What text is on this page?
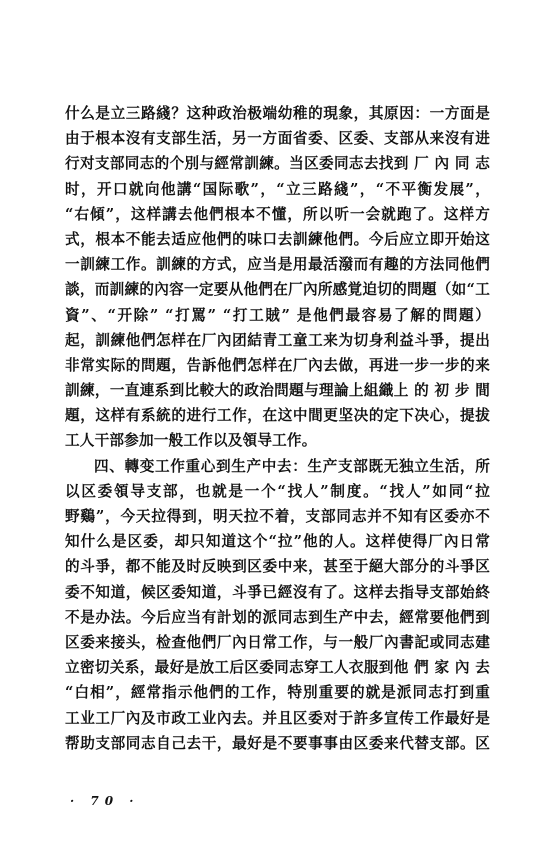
什么是立三路綫？这种政治极端幼稚的現象，其原因：一方面是
由于根本沒有支部生活，另一方面省委、区委、支部从来沒有进
行对支部同志的个別与經常訓練。当区委同志去找到 厂 內 同 志
时，开口就向他講“国际歌”，“立三路綫”，“不平衡发展”，
“右傾”，这样講去他們根本不懂，所以听一会就跑了。这样方
式，根本不能去适应他們的味口去訓練他們。今后应立即开始这
一訓練工作。訓練的方式，应当是用最活潑而有趣的方法同他們
談，而訓練的內容一定要从他們在厂內所感覚迫切的問題（如“工
資”、“开除” “打罵” “打工賊” 是他們最容易了解的問題）
起，訓練他們怎样在厂內团結青工童工来为切身利益斗爭，提出
非常实际的問題，告訴他們怎样在厂內去做，再进一步一步的来
訓練，一直連系到比較大的政治問題与理論上組織上 的 初 步 間
題，这样有系統的进行工作，在这中間更坚决的定下决心，提拔
工人干部参加一般工作以及領导工作。
四、轉变工作重心到生产中去：生产支部既无独立生活，所
以区委領导支部，也就是一个“找人”制度。“找人”如同“拉
野鷄”，今天拉得到，明天拉不着，支部同志并不知有区委亦不
知什么是区委，却只知道这个“拉”他的人。这样使得厂內日常
的斗爭，都不能及时反映到区委中来，甚至于絕大部分的斗爭区
委不知道，候区委知道，斗爭已經沒有了。这样去指导支部始終
不是办法。今后应当有計划的派同志到生产中去，經常要他們到
区委来接头，检查他們厂內日常工作，与一般厂內書記或同志建
立密切关系，最好是放工后区委同志穿工人衣服到他 們 家 內 去
“白相”，經常指示他們的工作，特別重要的就是派同志打到重
工业工厂內及市政工业內去。并且区委对于許多宣传工作最好是
帮助支部同志自己去干，最好是不要事事由区委来代替支部。区
· 70 ·
